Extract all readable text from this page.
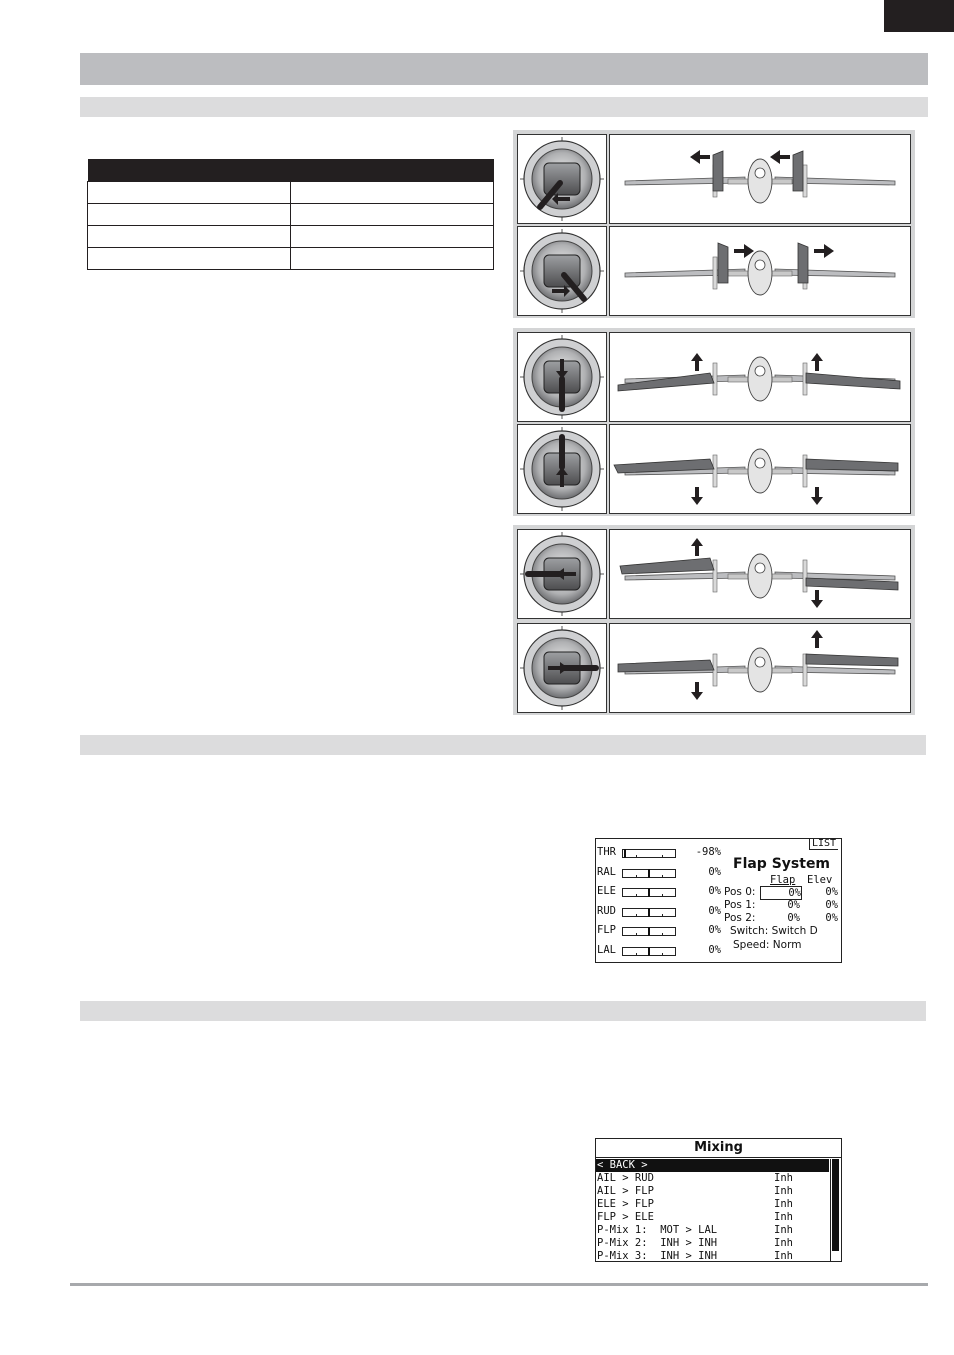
LIST
Flap System
THR	-98%
RAL	0%
ELE	0%
RUD	0%
FLP	0%
LAL	0%
Flap Elev
Pos 0:	0%	0%
Pos 1:	0%	0%
Pos 2:	0%	0%
Switch: Switch D
Speed: Norm
Mixing
< BACK >
AIL > RUD	Inh
AIL > FLP	Inh
ELE > FLP	Inh
FLP > ELE	Inh
P-Mix 1:  MOT > LAL	Inh
P-Mix 2:  INH > INH	Inh
P-Mix 3:  INH > INH	Inh
